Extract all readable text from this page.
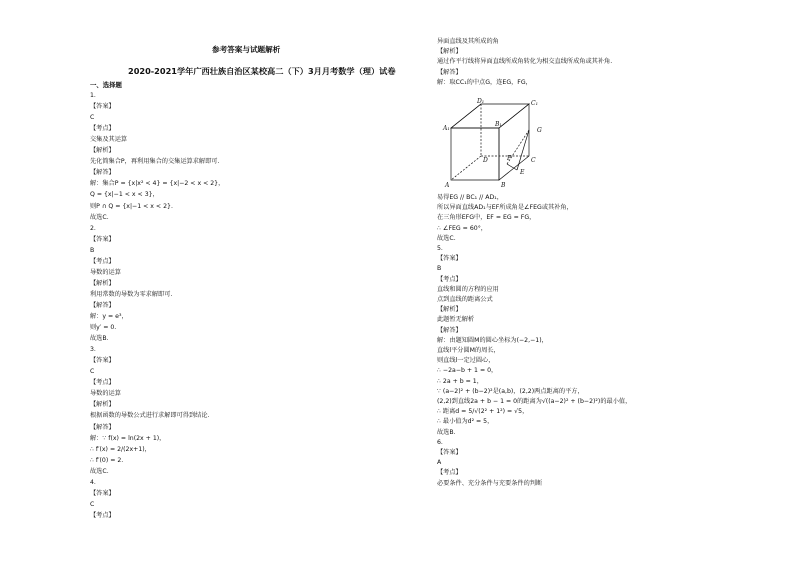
参考答案与试题解析
2020-2021学年广西壮族自治区某校高二（下）3月月考数学（理）试卷
一、选择题
1.
【答案】
C
【考点】
交集及其运算
【解析】
先化简集合P，再利用集合的交集运算求解即可.
【解答】
解：集合P = {x|x² < 4} = {x|−2 < x < 2}，
Q = {x|−1 < x < 3}，
则P ∩ Q = {x|−1 < x < 2}.
故选C.
2.
【答案】
B
【考点】
导数的运算
【解析】
利用常数的导数为零求解即可.
【解答】
解：y = e³，
则y′ = 0.
故选B.
3.
【答案】
C
【考点】
导数的运算
【解析】
根据函数的导数公式进行求解即可得到结论.
【解答】
解：∵ f(x) = ln(2x + 1)，
∴ f′(x) = 2/(2x+1)，
∴ f′(0) = 2.
故选C.
4.
【答案】
C
【考点】
异面直线及其所成的角
【解析】
通过作平行线将异面直线所成角转化为相交直线所成角或其补角.
【解答】
解：取CC₁的中点G，连EG，FG，
D₁	C₁
A₁
B₁
G
D	F	C
E
A	B
易得EG // BC₁ // AD₁，
所以异面直线AD₁与EF所成角是∠FEG或其补角，
在三角形EFG中，EF = EG = FG，
∴ ∠FEG = 60°，
故选C.
5.
【答案】
B
【考点】
直线和圆的方程的应用
点到直线的距离公式
【解析】
此题暂无解析
【解答】
解：由题知圆M的圆心坐标为(−2,−1)，
直线l平分圆M的周长，
则直线l一定过圆心，
∴ −2a−b + 1 = 0，
∴ 2a + b = 1，
∵ (a−2)² + (b−2)²是(a,b)，(2,2)两点距离的平方，
(2,2)到直线2a + b − 1 = 0的距离为√((a−2)² + (b−2)²)的最小值，
∴ 距离d = 5/√(2² + 1²) = √5，
∴ 最小值为d² = 5，
故选B.
6.
【答案】
A
【考点】
必要条件、充分条件与充要条件的判断
